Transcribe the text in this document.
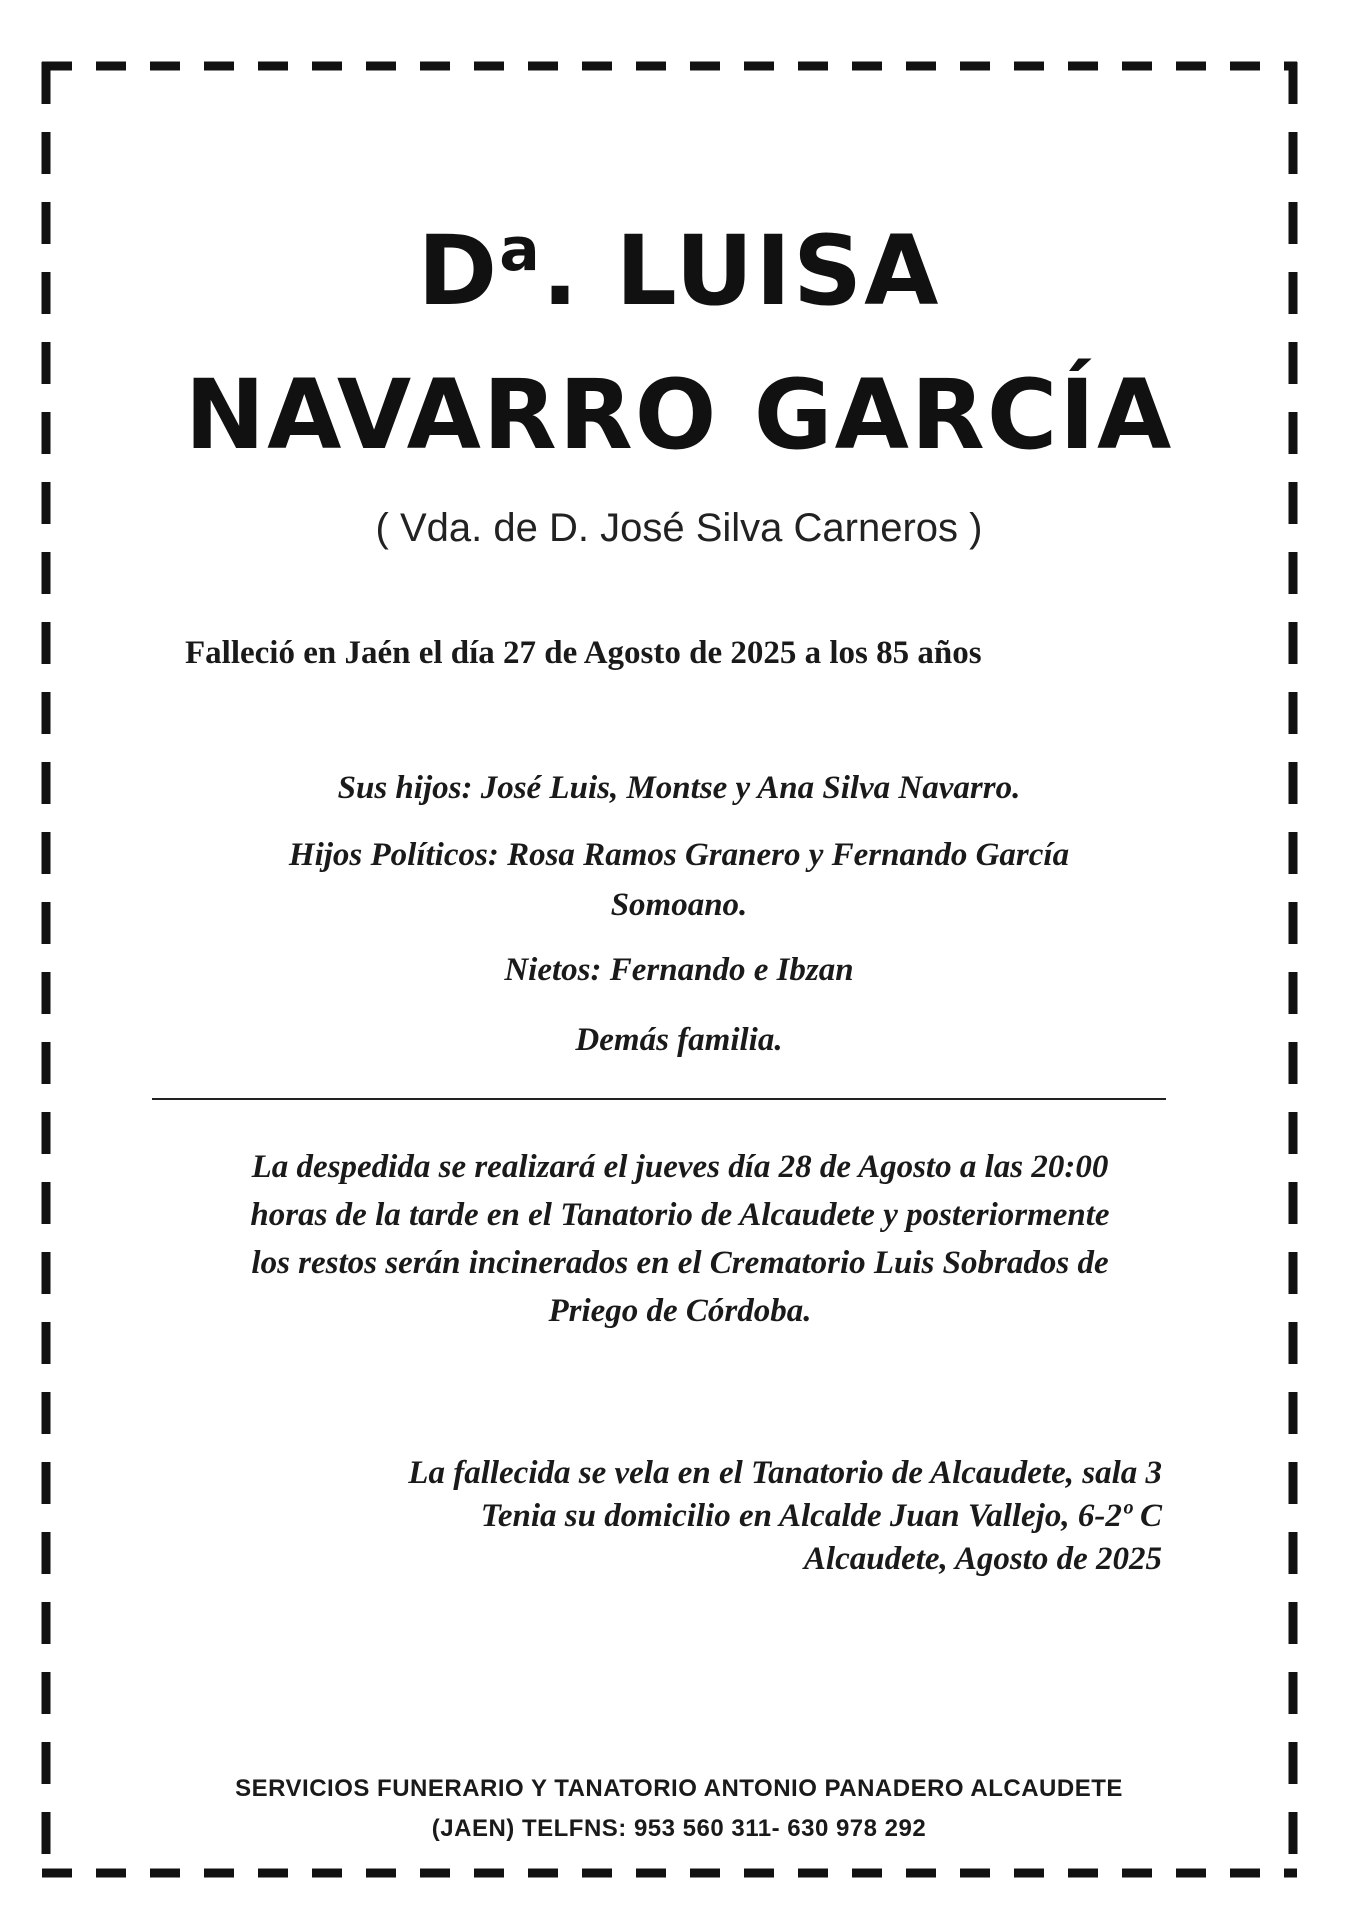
$D^a$. LUISA
NAVARRO GARCÍA
( Vda. de D. José Silva Carneros )
Falleció en Jaén el día 27 de Agosto de 2025 a los 85 años
Sus hijos: José Luis, Montse y Ana Silva Navarro.
Hijos Políticos: Rosa Ramos Granero y Fernando García
Somoano.
Nietos: Fernando e Ibzan
Demás familia.
La despedida se realizará el jueves día 28 de Agosto a las 20:00
horas de la tarde en el Tanatorio de Alcaudete y posteriormente
los restos serán incinerados en el Crematorio Luis Sobrados de
Priego de Córdoba.
La fallecida se vela en el Tanatorio de Alcaudete, sala 3
Tenia su domicilio en Alcalde Juan Vallejo, 6-2º C
Alcaudete, Agosto de 2025
SERVICIOS FUNERARIO Y TANATORIO ANTONIO PANADERO ALCAUDETE
(JAEN) TELFNS: 953 560 311- 630 978 292
